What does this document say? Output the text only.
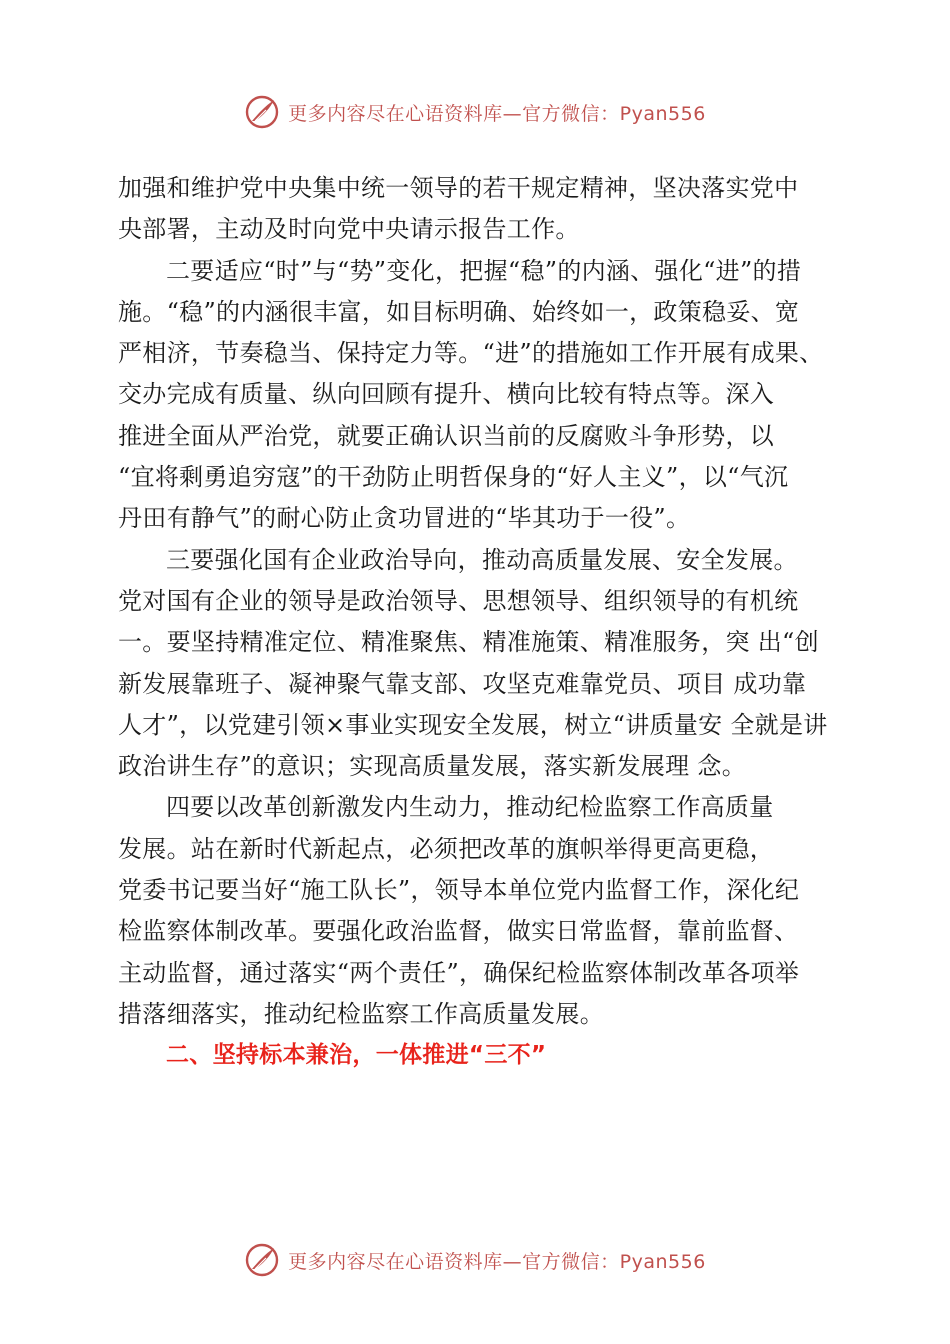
更多内容尽在心语资料库—官方微信：Pyan556
加强和维护党中央集中统一领导的若干规定精神，坚决落实党中
央部署，主动及时向党中央请示报告工作。
二要适应“时”与“势”变化，把握“稳”的内涵、强化“进”的措
施。“稳”的内涵很丰富，如目标明确、始终如一，政策稳妥、宽
严相济，节奏稳当、保持定力等。“进”的措施如工作开展有成果、
交办完成有质量、纵向回顾有提升、横向比较有特点等。深入
推进全面从严治党，就要正确认识当前的反腐败斗争形势，以
“宜将剩勇追穷寇”的干劲防止明哲保身的“好人主义”，以“气沉
丹田有静气”的耐心防止贪功冒进的“毕其功于一役”。
三要强化国有企业政治导向，推动高质量发展、安全发展。
党对国有企业的领导是政治领导、思想领导、组织领导的有机统
一。要坚持精准定位、精准聚焦、精准施策、精准服务，突 出“创
新发展靠班子、凝神聚气靠支部、攻坚克难靠党员、项目 成功靠
人才”，以党建引领×事业实现安全发展，树立“讲质量安 全就是讲
政治讲生存”的意识；实现高质量发展，落实新发展理 念。
四要以改革创新激发内生动力，推动纪检监察工作高质量
发展。站在新时代新起点，必须把改革的旗帜举得更高更稳，
党委书记要当好“施工队长”，领导本单位党内监督工作，深化纪
检监察体制改革。要强化政治监督，做实日常监督，靠前监督、
主动监督，通过落实“两个责任”，确保纪检监察体制改革各项举
措落细落实，推动纪检监察工作高质量发展。
二、坚持标本兼治，一体推进“三不”
更多内容尽在心语资料库—官方微信：Pyan556
